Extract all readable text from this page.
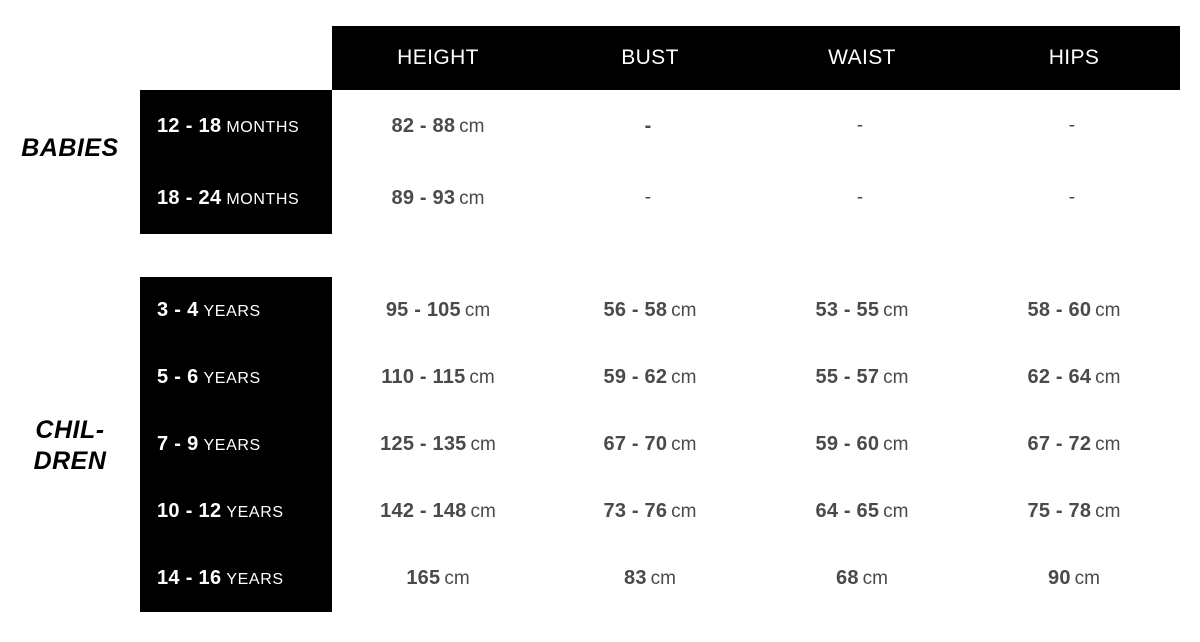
HEIGHT	BUST	WAIST	HIPS
BABIES
12 - 18 MONTHS	82 - 88 cm	-	-	-
18 - 24 MONTHS	89 - 93 cm	-	-	-
CHIL-
DREN
3 - 4 YEARS	95 - 105 cm	56 - 58 cm	53 - 55 cm	58 - 60 cm
5 - 6 YEARS	110 - 115 cm	59 - 62 cm	55 - 57 cm	62 - 64 cm
7 - 9 YEARS	125 - 135 cm	67 - 70 cm	59 - 60 cm	67 - 72 cm
10 - 12 YEARS	142 - 148 cm	73 - 76 cm	64 - 65 cm	75 - 78 cm
14 - 16 YEARS	165 cm	83 cm	68 cm	90 cm
